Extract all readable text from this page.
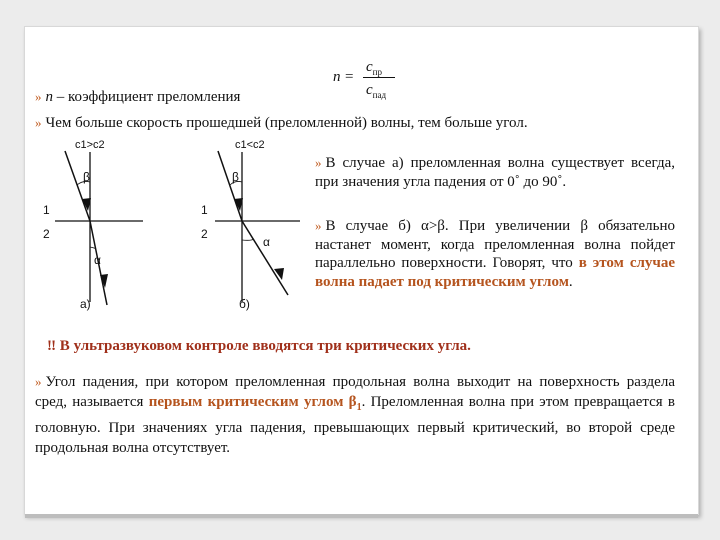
n =
$c_{пр}$
$c_{пад}$
» n – коэффициент преломления
» Чем больше скорость прошедшей (преломленной) волны, тем больше угол.
c1>c2
1
2
β
α
а)
c1<c2
1
2
β
α
б)
» В случае а) преломленная волна существует всегда, при значения угла падения от 0˚ до 90˚.
» В случае б) α>β. При увеличении β обязательно настанет момент, когда преломленная волна пойдет параллельно поверхности. Говорят, что в этом случае волна падает под критическим углом.
‼ В ультразвуковом контроле вводятся три критических угла.
» Угол падения, при котором преломленная продольная волна выходит на поверхность раздела сред, называется первым критическим углом $\beta_1$. Преломленная волна при этом превращается в головную. При значениях угла падения, превышающих первый критический, во второй среде продольная волна отсутствует.
